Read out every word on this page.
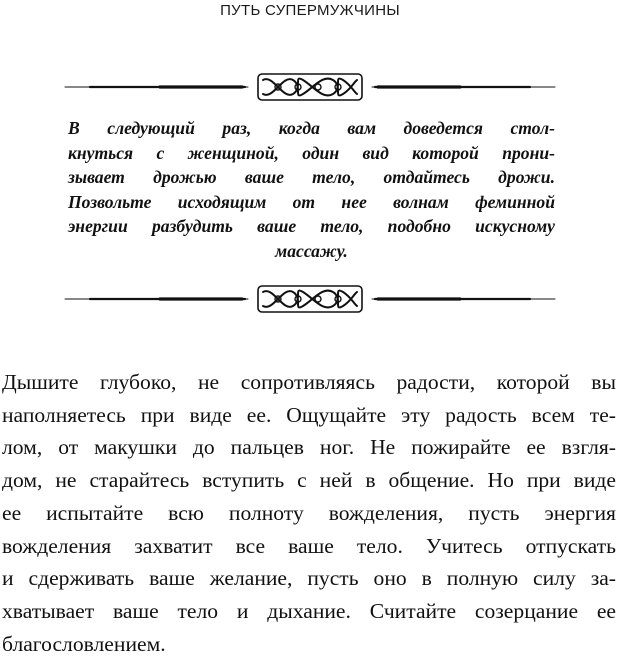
ПУТЬ СУПЕРМУЖЧИНЫ
В следующий раз, когда вам доведется стол-
кнуться с женщиной, один вид которой прони-
зывает дрожью ваше тело, отдайтесь дрожи.
Позвольте исходящим от нее волнам феминной
энергии разбудить ваше тело, подобно искусному
массажу.
Дышите глубоко, не сопротивляясь радости, которой вы
наполняетесь при виде ее. Ощущайте эту радость всем те-
лом, от макушки до пальцев ног. Не пожирайте ее взгля-
дом, не старайтесь вступить с ней в общение. Но при виде
ее испытайте всю полноту вожделения, пусть энергия
вожделения захватит все ваше тело. Учитесь отпускать
и сдерживать ваше желание, пусть оно в полную силу за-
хватывает ваше тело и дыхание. Считайте созерцание ее
благословлением.
